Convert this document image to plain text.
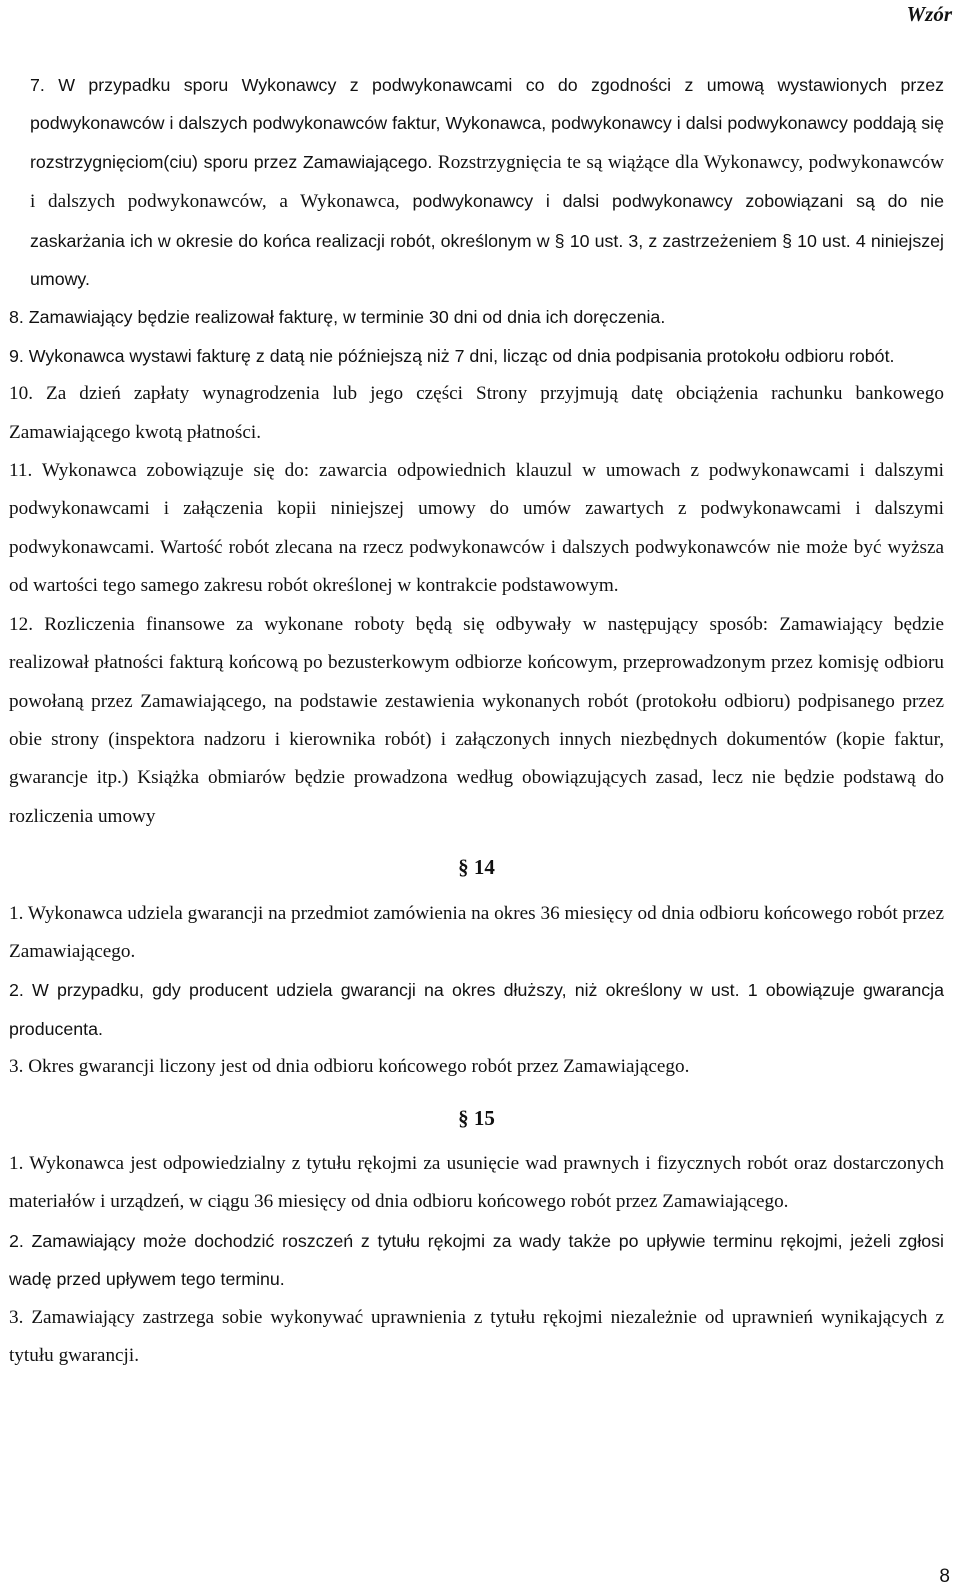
Wzór

7. W przypadku sporu Wykonawcy z podwykonawcami co do zgodności z umową wystawionych przez podwykonawców i dalszych podwykonawców faktur, Wykonawca, podwykonawcy i dalsi podwykonawcy poddają się rozstrzygnięciom(ciu) sporu przez Zamawiającego. Rozstrzygnięcia te są wiążące dla Wykonawcy, podwykonawców i dalszych podwykonawców, a Wykonawca, podwykonawcy i dalsi podwykonawcy zobowiązani są do nie zaskarżania ich w okresie do końca realizacji robót, określonym w § 10 ust. 3, z zastrzeżeniem § 10 ust. 4 niniejszej umowy.

8. Zamawiający będzie realizował fakturę, w terminie 30 dni od dnia ich doręczenia.

9. Wykonawca wystawi fakturę z datą nie późniejszą niż 7 dni, licząc od dnia podpisania protokołu odbioru robót.

10. Za dzień zapłaty wynagrodzenia lub jego części Strony przyjmują datę obciążenia rachunku bankowego Zamawiającego kwotą płatności.

11. Wykonawca zobowiązuje się do: zawarcia odpowiednich klauzul w umowach z podwykonawcami i dalszymi podwykonawcami i załączenia kopii niniejszej umowy do umów zawartych z podwykonawcami i dalszymi podwykonawcami. Wartość robót zlecana na rzecz podwykonawców i dalszych podwykonawców nie może być wyższa od wartości tego samego zakresu robót określonej w kontrakcie podstawowym.

12. Rozliczenia finansowe za wykonane roboty będą się odbywały w następujący sposób: Zamawiający będzie realizował płatności fakturą końcową po bezusterkowym odbiorze końcowym, przeprowadzonym przez komisję odbioru powołaną przez Zamawiającego, na podstawie zestawienia wykonanych robót (protokołu odbioru) podpisanego przez obie strony (inspektora nadzoru i kierownika robót) i załączonych innych niezbędnych dokumentów (kopie faktur, gwarancje itp.) Książka obmiarów będzie prowadzona według obowiązujących zasad, lecz nie będzie podstawą do rozliczenia umowy

§ 14

1. Wykonawca udziela gwarancji na przedmiot zamówienia na okres 36 miesięcy od dnia odbioru końcowego robót przez Zamawiającego.

2. W przypadku, gdy producent udziela gwarancji na okres dłuższy, niż określony w ust. 1 obowiązuje gwarancja producenta.

3. Okres gwarancji liczony jest od dnia odbioru końcowego robót przez Zamawiającego.

§ 15

1. Wykonawca jest odpowiedzialny z tytułu rękojmi za usunięcie wad prawnych i fizycznych robót oraz dostarczonych materiałów i urządzeń, w ciągu 36 miesięcy od dnia odbioru końcowego robót przez Zamawiającego.

2. Zamawiający może dochodzić roszczeń z tytułu rękojmi za wady także po upływie terminu rękojmi, jeżeli zgłosi wadę przed upływem tego terminu.

3. Zamawiający zastrzega sobie wykonywać uprawnienia z tytułu rękojmi niezależnie od uprawnień wynikających z tytułu gwarancji.

8
